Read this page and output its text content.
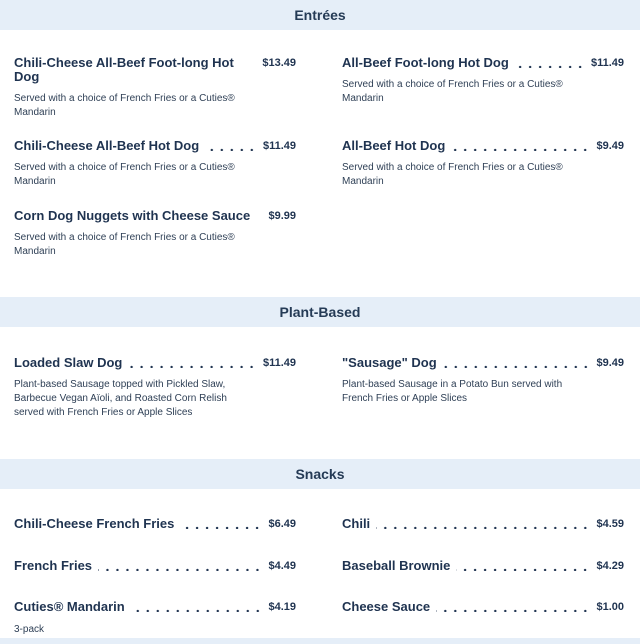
Entrées
Chili-Cheese All-Beef Foot-long Hot Dog
$13.49
Served with a choice of French Fries or a Cuties® Mandarin
All-Beef Foot-long Hot Dog	$11.49
Served with a choice of French Fries or a Cuties® Mandarin
Chili-Cheese All-Beef Hot Dog	$11.49
Served with a choice of French Fries or a Cuties® Mandarin
All-Beef Hot Dog	$9.49
Served with a choice of French Fries or a Cuties® Mandarin
Corn Dog Nuggets with Cheese Sauce $9.99
Served with a choice of French Fries or a Cuties® Mandarin
Plant-Based
Loaded Slaw Dog	$11.49
Plant-based Sausage topped with Pickled Slaw, Barbecue Vegan Aïoli, and Roasted Corn Relish served with French Fries or Apple Slices
"Sausage" Dog	$9.49
Plant-based Sausage in a Potato Bun served with French Fries or Apple Slices
Snacks
Chili-Cheese French Fries	$6.49	Chili	$4.59
French Fries	$4.49	Baseball Brownie	$4.29
Cuties® Mandarin	$4.19
3-pack
Cheese Sauce	$1.00
